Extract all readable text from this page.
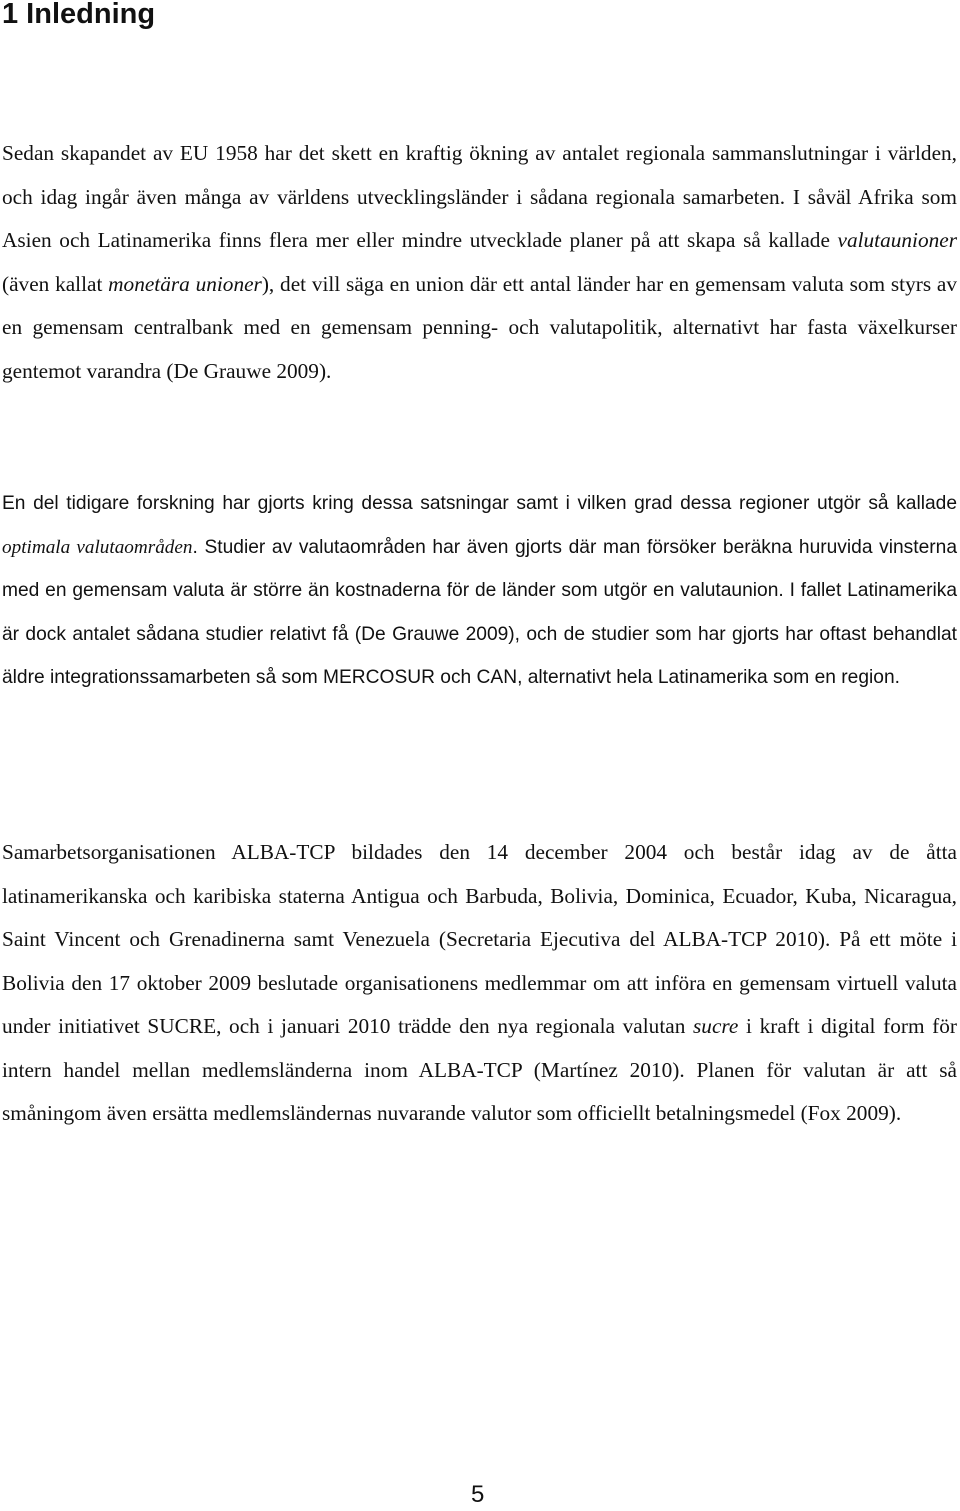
1 Inledning

Sedan skapandet av EU 1958 har det skett en kraftig ökning av antalet regionala sammanslutningar i världen, och idag ingår även många av världens utvecklingsländer i sådana regionala samarbeten. I såväl Afrika som Asien och Latinamerika finns flera mer eller mindre utvecklade planer på att skapa så kallade valutaunioner (även kallat monetära unioner), det vill säga en union där ett antal länder har en gemensam valuta som styrs av en gemensam centralbank med en gemensam penning- och valutapolitik, alternativt har fasta växelkurser gentemot varandra (De Grauwe 2009).

En del tidigare forskning har gjorts kring dessa satsningar samt i vilken grad dessa regioner utgör så kallade optimala valutaområden. Studier av valutaområden har även gjorts där man försöker beräkna huruvida vinsterna med en gemensam valuta är större än kostnaderna för de länder som utgör en valutaunion. I fallet Latinamerika är dock antalet sådana studier relativt få (De Grauwe 2009), och de studier som har gjorts har oftast behandlat äldre integrationssamarbeten så som MERCOSUR och CAN, alternativt hela Latinamerika som en region.

Samarbetsorganisationen ALBA-TCP bildades den 14 december 2004 och består idag av de åtta latinamerikanska och karibiska staterna Antigua och Barbuda, Bolivia, Dominica, Ecuador, Kuba, Nicaragua, Saint Vincent och Grenadinerna samt Venezuela (Secretaria Ejecutiva del ALBA-TCP 2010). På ett möte i Bolivia den 17 oktober 2009 beslutade organisationens medlemmar om att införa en gemensam virtuell valuta under initiativet SUCRE, och i januari 2010 trädde den nya regionala valutan sucre i kraft i digital form för intern handel mellan medlemsländerna inom ALBA-TCP (Martínez 2010). Planen för valutan är att så småningom även ersätta medlemsländernas nuvarande valutor som officiellt betalningsmedel (Fox 2009).

5
